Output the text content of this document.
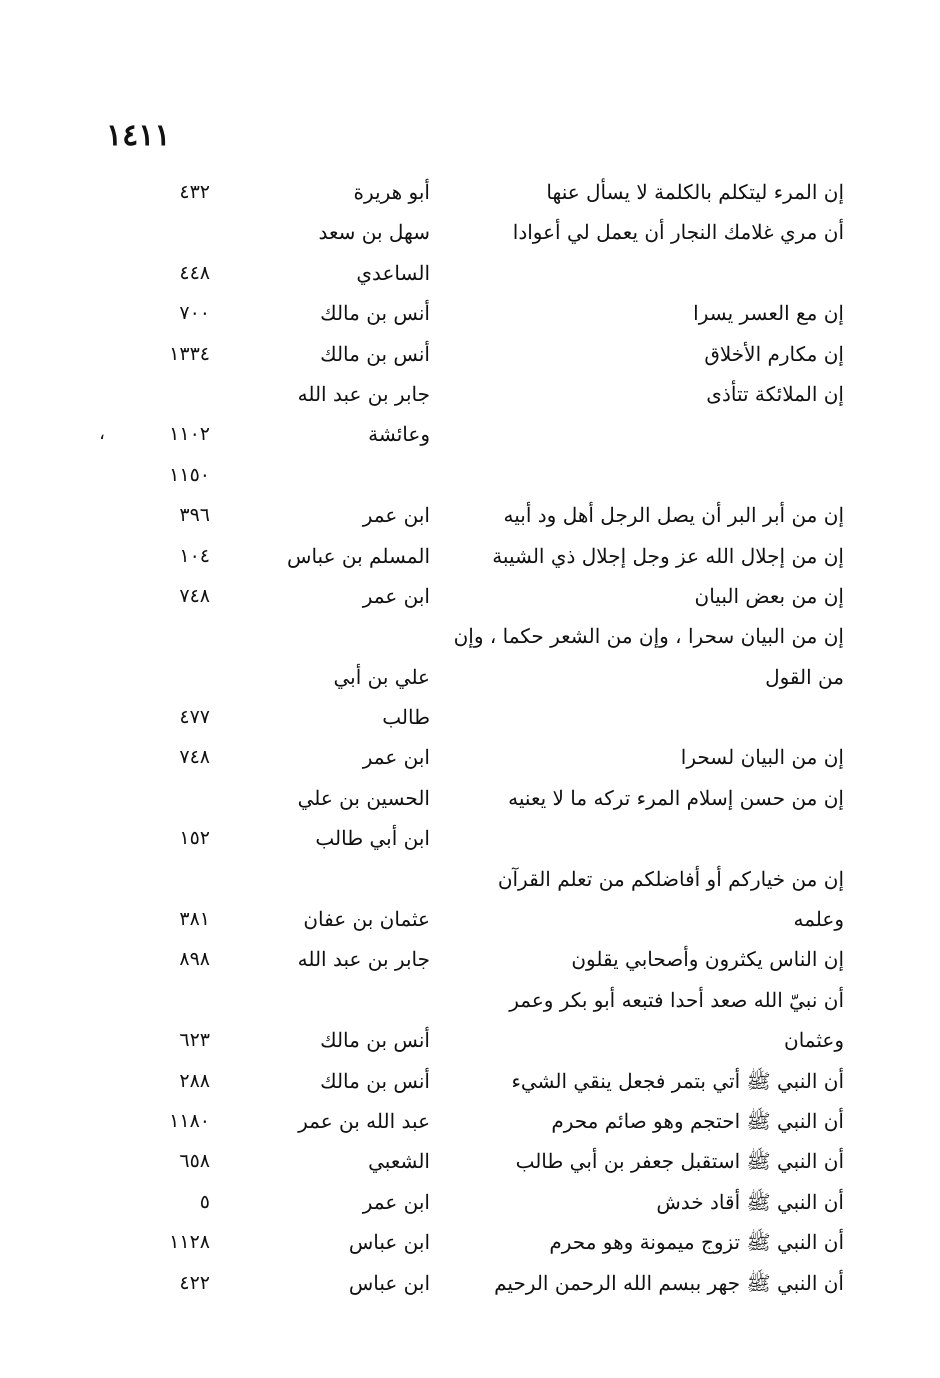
١٤١١
إن المرء ليتكلم بالكلمة لا يسأل عنها
أبو هريرة
٤٣٢
أن مري غلامك النجار أن يعمل لي أعوادا
سهل بن سعد
الساعدي
٤٤٨
إن مع العسر يسرا
أنس بن مالك
٧٠٠
إن مكارم الأخلاق
أنس بن مالك
١٣٣٤
إن الملائكة تتأذى
جابر بن عبد الله
وعائشة
١١٠٢
،
١١٥٠
إن من أبر البر أن يصل الرجل أهل ود أبيه
ابن عمر
٣٩٦
إن من إجلال الله عز وجل إجلال ذي الشيبة
المسلم بن عباس
١٠٤
إن من بعض البيان
ابن عمر
٧٤٨
إن من البيان سحرا ، وإن من الشعر حكما ، وإن
من القول
علي بن أبي
طالب
٤٧٧
إن من البيان لسحرا
ابن عمر
٧٤٨
إن من حسن إسلام المرء تركه ما لا يعنيه
الحسين بن علي
ابن أبي طالب
١٥٢
إن من خياركم أو أفاضلكم من تعلم القرآن
وعلمه
عثمان بن عفان
٣٨١
إن الناس يكثرون وأصحابي يقلون
جابر بن عبد الله
٨٩٨
أن نبيّ الله صعد أحدا فتبعه أبو بكر وعمر
وعثمان
أنس بن مالك
٦٢٣
أن النبي ﷺ أتي بتمر فجعل ينقي الشيء
أنس بن مالك
٢٨٨
أن النبي ﷺ احتجم وهو صائم محرم
عبد الله بن عمر
١١٨٠
أن النبي ﷺ استقبل جعفر بن أبي طالب
الشعبي
٦٥٨
أن النبي ﷺ أقاد خدش
ابن عمر
٥
أن النبي ﷺ تزوج ميمونة وهو محرم
ابن عباس
١١٢٨
أن النبي ﷺ جهر ببسم الله الرحمن الرحيم
ابن عباس
٤٢٢
